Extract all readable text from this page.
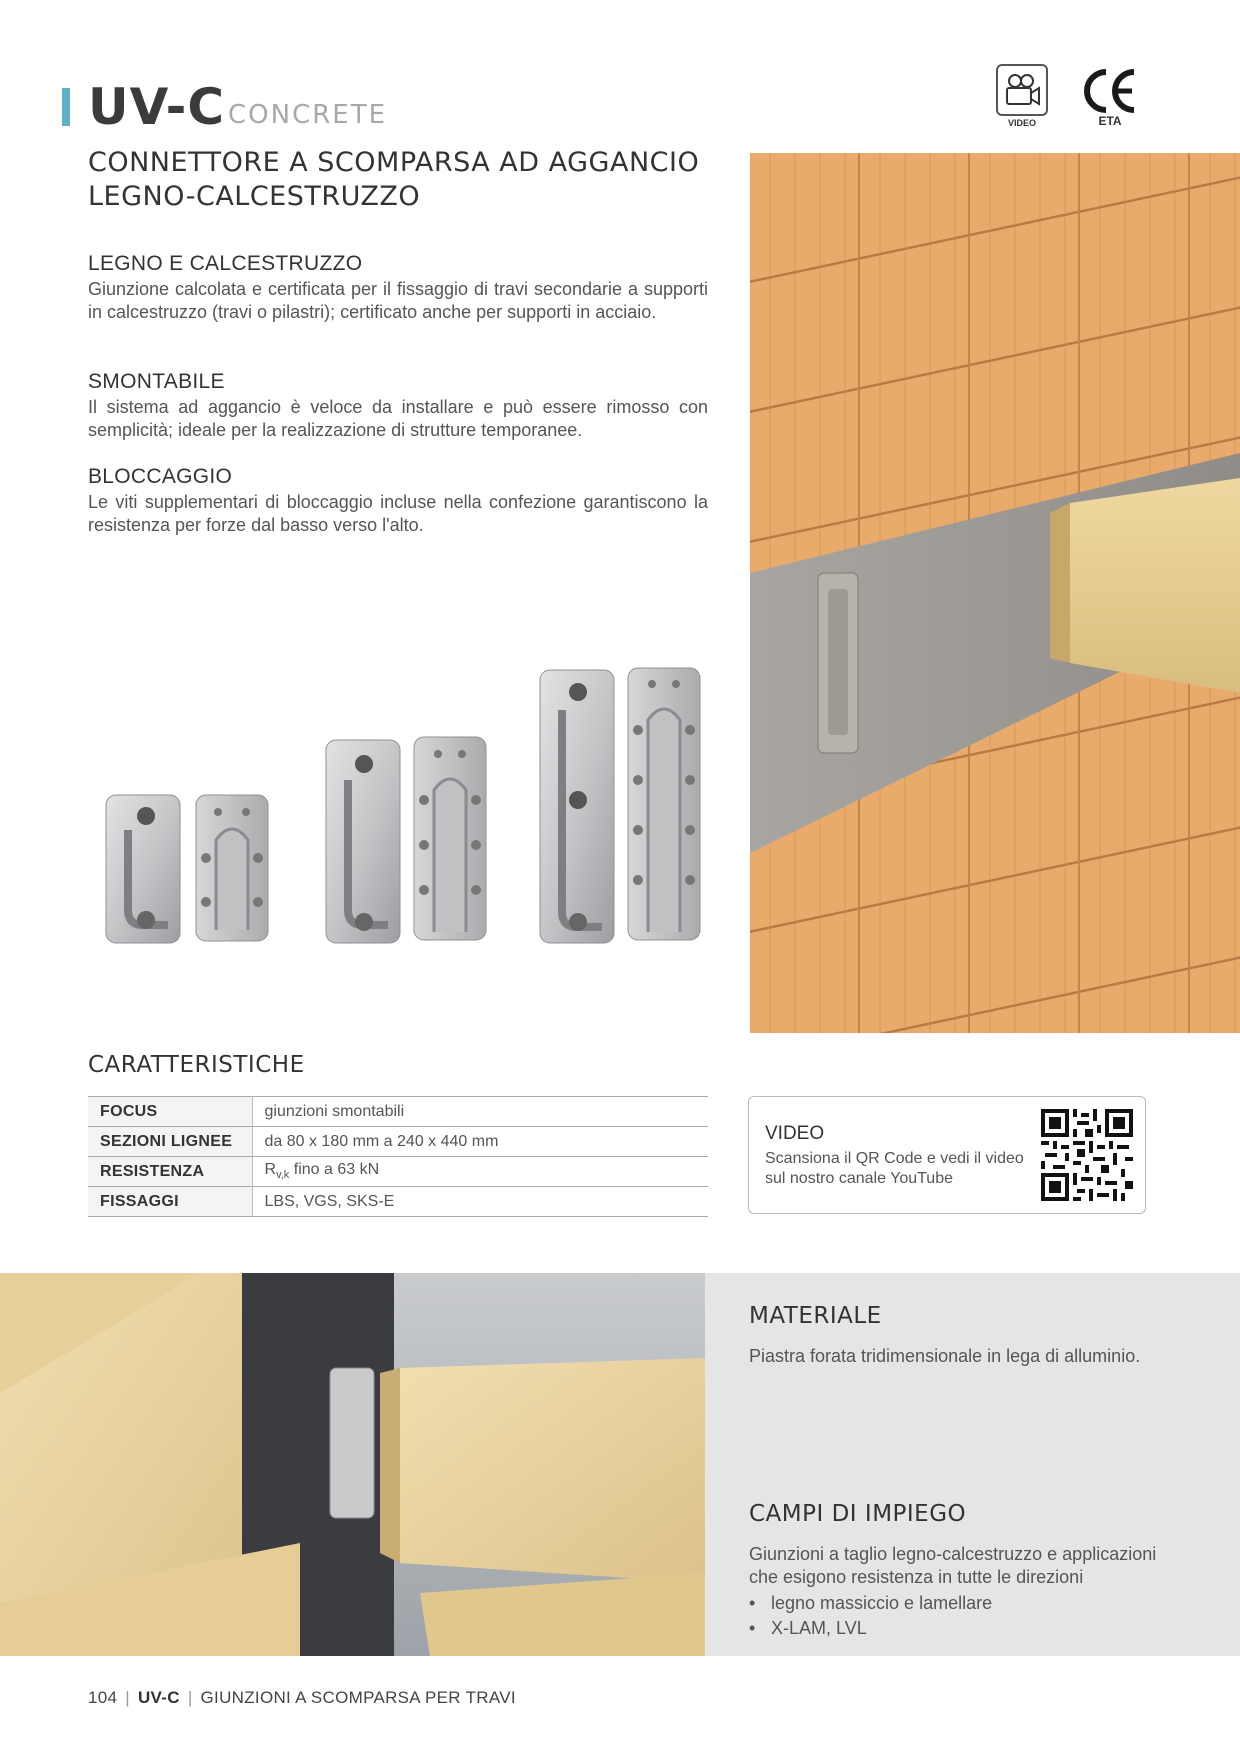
UV-C CONCRETE
CONNETTORE A SCOMPARSA AD AGGANCIO
LEGNO-CALCESTRUZZO
VIDEO	ETA
LEGNO E CALCESTRUZZO

Giunzione calcolata e certificata per il fissaggio di travi secondarie a supporti in calcestruzzo (travi o pilastri); certificato anche per supporti in acciaio.

SMONTABILE

Il sistema ad aggancio è veloce da installare e può essere rimosso con semplicità; ideale per la realizzazione di strutture temporanee.

BLOCCAGGIO

Le viti supplementari di bloccaggio incluse nella confezione garantiscono la resistenza per forze dal basso verso l'alto.

CARATTERISTICHE
FOCUS	giunzioni smontabili
SEZIONI LIGNEE	da 80 x 180 mm a 240 x 440 mm
RESISTENZA	$R_{v,k}$ fino a 63 kN
FISSAGGI	LBS, VGS, SKS-E
VIDEO

Scansiona il QR Code e vedi il video sul nostro canale YouTube

MATERIALE

Piastra forata tridimensionale in lega di alluminio.

CAMPI DI IMPIEGO

Giunzioni a taglio legno-calcestruzzo e applicazioni che esigono resistenza in tutte le direzioni

• legno massiccio e lamellare
• X-LAM, LVL
104 | UV-C | GIUNZIONI A SCOMPARSA PER TRAVI
